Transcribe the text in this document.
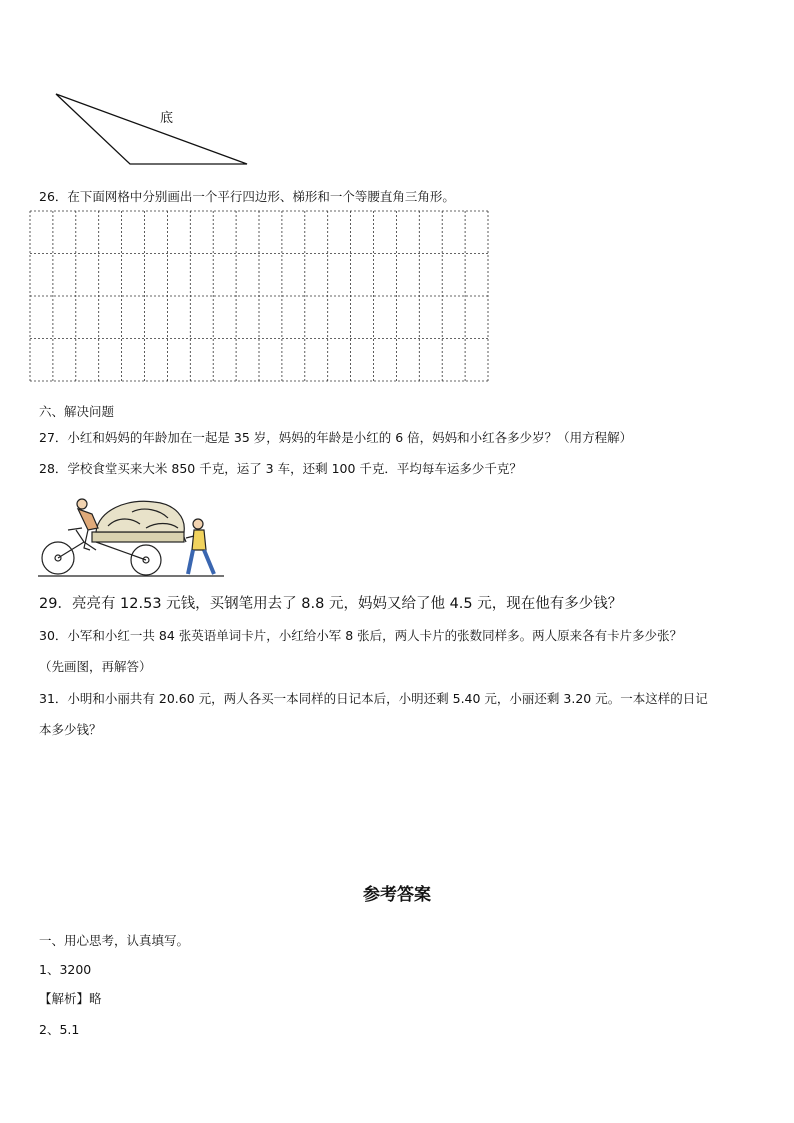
底
26．在下面网格中分别画出一个平行四边形、梯形和一个等腰直角三角形。
六、解决问题
27．小红和妈妈的年龄加在一起是 35 岁，妈妈的年龄是小红的 6 倍，妈妈和小红各多少岁？（用方程解）
28．学校食堂买来大米 850 千克，运了 3 车，还剩 100 千克．平均每车运多少千克？
29．亮亮有 12.53 元钱，买钢笔用去了 8.8 元，妈妈又给了他 4.5 元，现在他有多少钱？
30．小军和小红一共 84 张英语单词卡片，小红给小军 8 张后，两人卡片的张数同样多。两人原来各有卡片多少张？
（先画图，再解答）
31．小明和小丽共有 20.60 元，两人各买一本同样的日记本后，小明还剩 5.40 元，小丽还剩 3.20 元。一本这样的日记
本多少钱？
参考答案
一、用心思考，认真填写。
1、3200
【解析】略
2、5.1
